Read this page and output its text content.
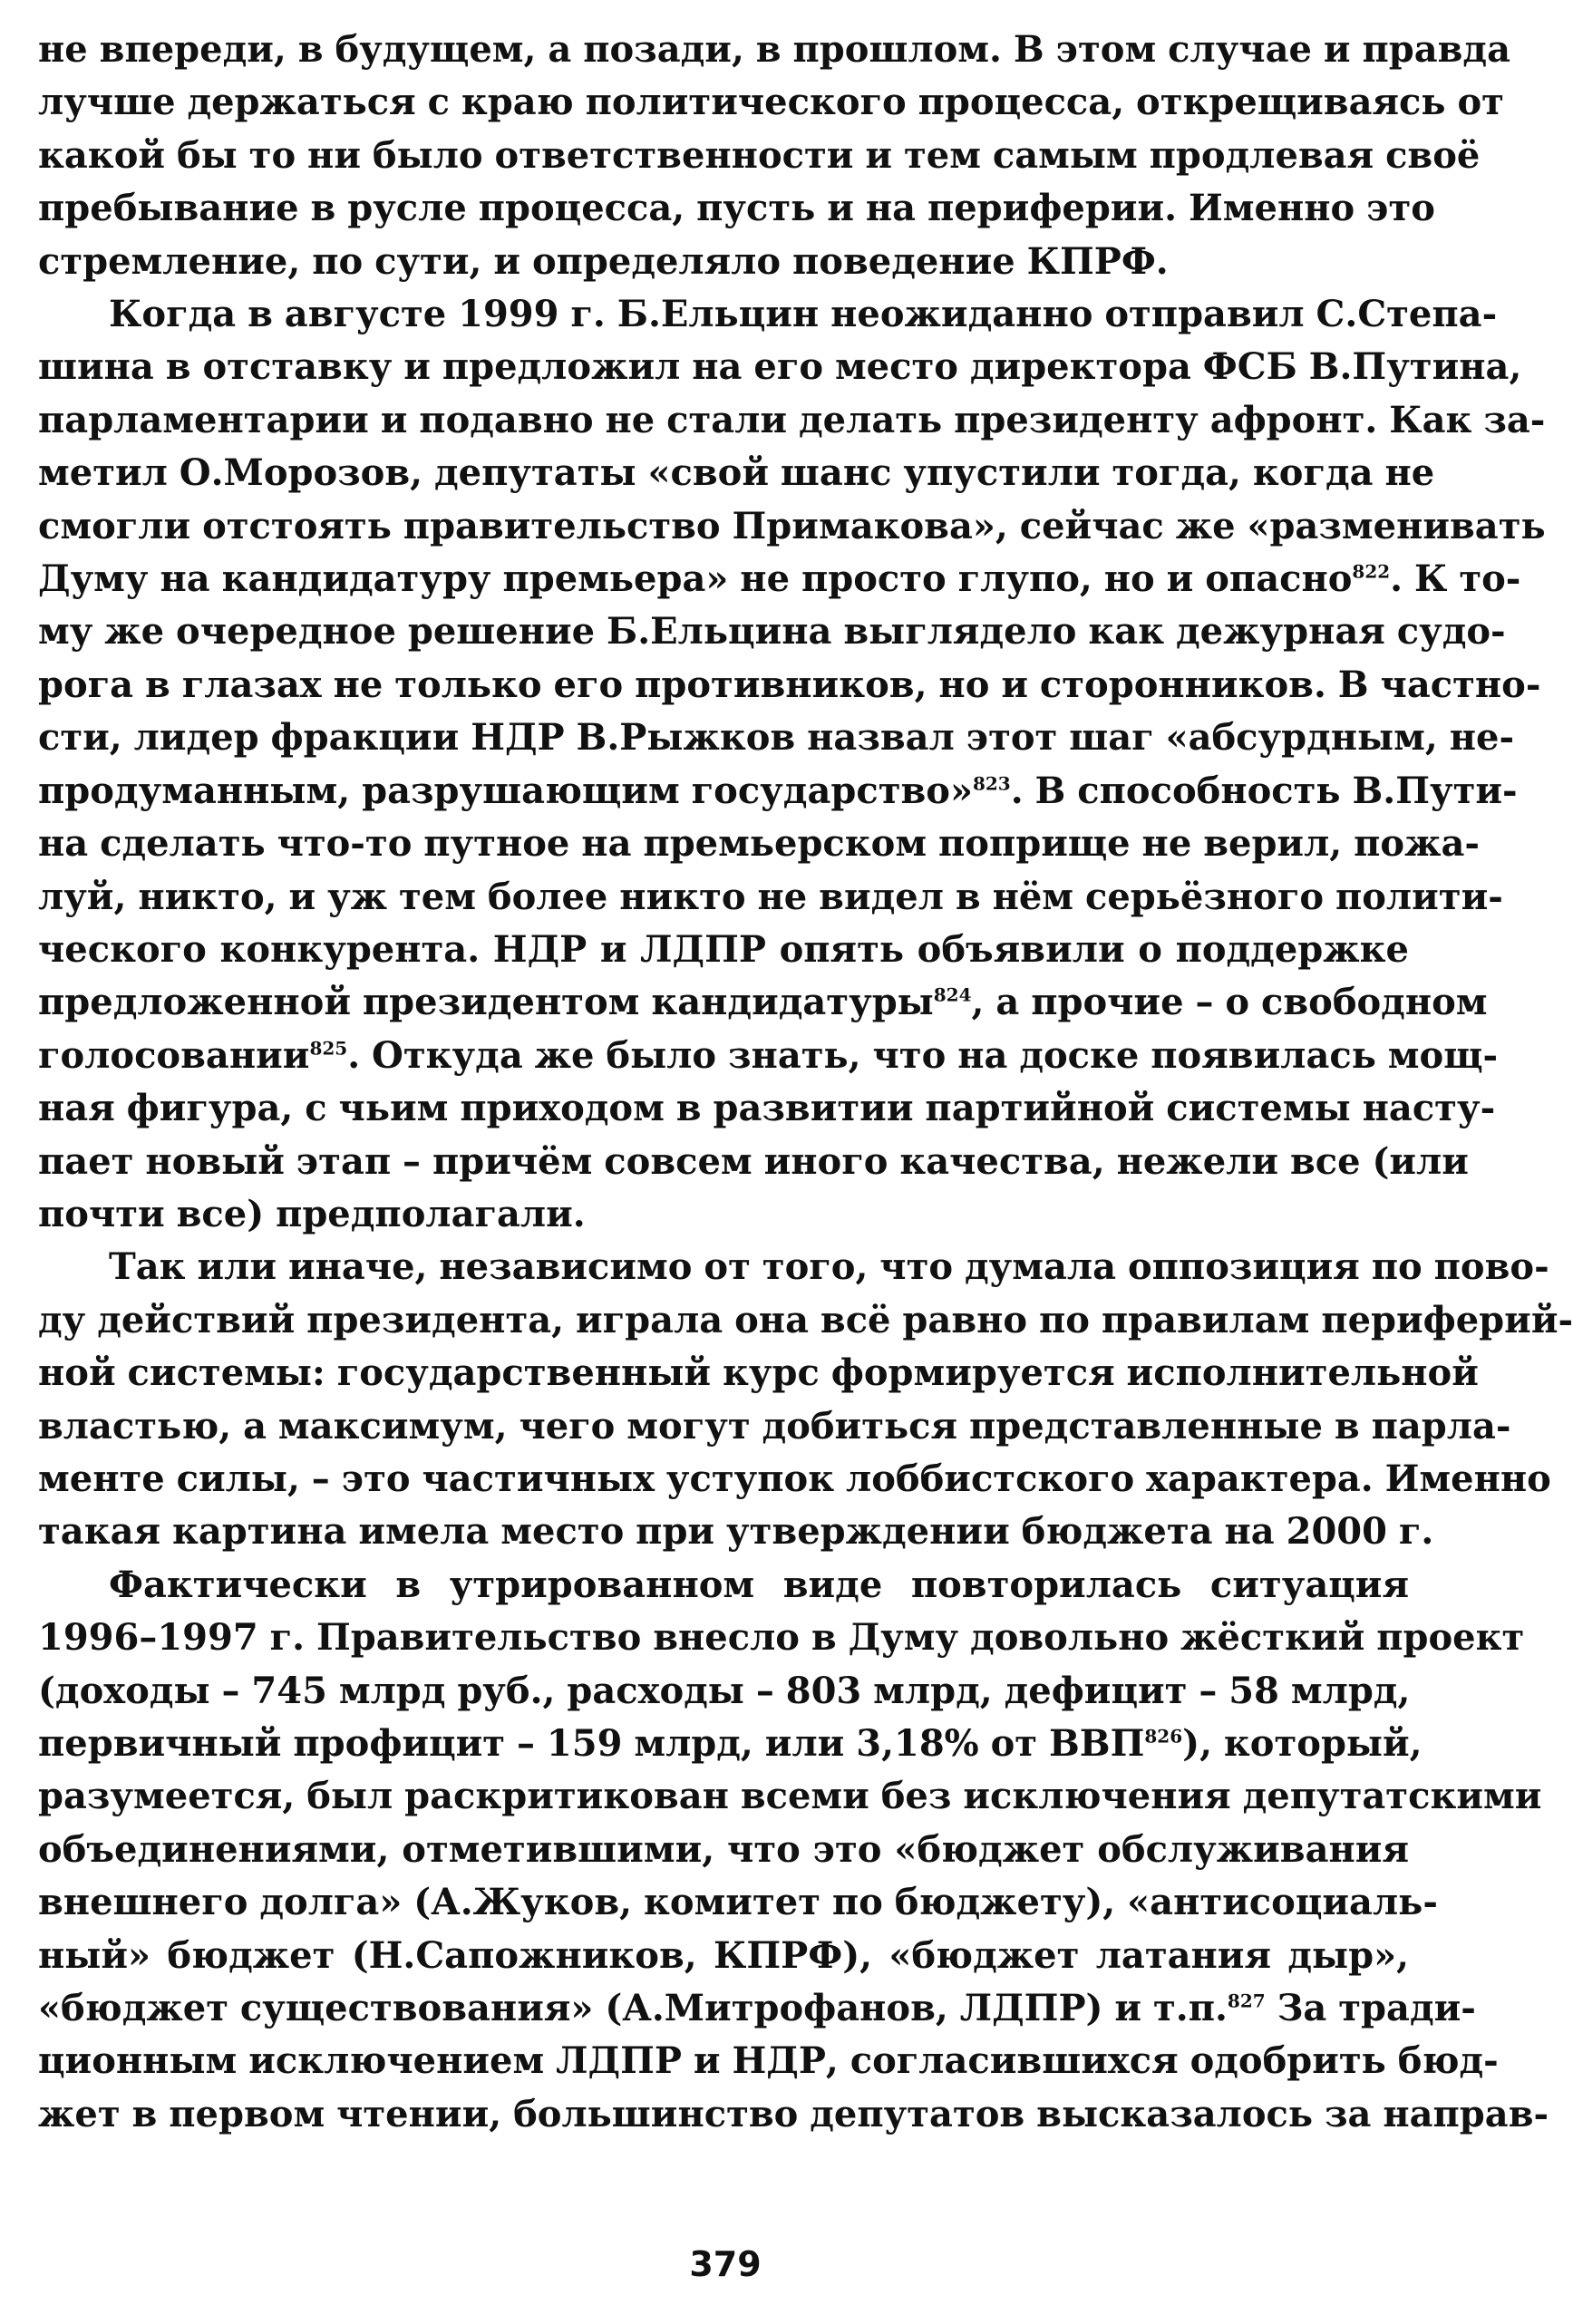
не впереди, в будущем, а позади, в прошлом. В этом случае и правда
лучше держаться с краю политического процесса, открещиваясь от
какой бы то ни было ответственности и тем самым продлевая своё
пребывание в русле процесса, пусть и на периферии. Именно это
стремление, по сути, и определяло поведение КПРФ.

Когда в августе 1999 г. Б.Ельцин неожиданно отправил С.Степа-
шина в отставку и предложил на его место директора ФСБ В.Путина,
парламентарии и подавно не стали делать президенту афронт. Как за-
метил О.Морозов, депутаты «свой шанс упустили тогда, когда не
смогли отстоять правительство Примакова», сейчас же «разменивать
Думу на кандидатуру премьера» не просто глупо, но и опасно$^{822}$. К то-
му же очередное решение Б.Ельцина выглядело как дежурная судо-
рога в глазах не только его противников, но и сторонников. В частно-
сти, лидер фракции НДР В.Рыжков назвал этот шаг «абсурдным, не-
продуманным, разрушающим государство»$^{823}$. В способность В.Пути-
на сделать что-то путное на премьерском поприще не верил, пожа-
луй, никто, и уж тем более никто не видел в нём серьёзного полити-
ческого конкурента. НДР и ЛДПР опять объявили о поддержке
предложенной президентом кандидатуры$^{824}$, а прочие – о свободном
голосовании$^{825}$. Откуда же было знать, что на доске появилась мощ-
ная фигура, с чьим приходом в развитии партийной системы насту-
пает новый этап – причём совсем иного качества, нежели все (или
почти все) предполагали.

Так или иначе, независимо от того, что думала оппозиция по пово-
ду действий президента, играла она всё равно по правилам периферий-
ной системы: государственный курс формируется исполнительной
властью, а максимум, чего могут добиться представленные в парла-
менте силы, – это частичных уступок лоббистского характера. Именно
такая картина имела место при утверждении бюджета на 2000 г.

Фактически в утрированном виде повторилась ситуация
1996–1997 г. Правительство внесло в Думу довольно жёсткий проект
(доходы – 745 млрд руб., расходы – 803 млрд, дефицит – 58 млрд,
первичный профицит – 159 млрд, или 3,18% от ВВП$^{826}$), который,
разумеется, был раскритикован всеми без исключения депутатскими
объединениями, отметившими, что это «бюджет обслуживания
внешнего долга» (А.Жуков, комитет по бюджету), «антисоциаль-
ный» бюджет (Н.Сапожников, КПРФ), «бюджет латания дыр»,
«бюджет существования» (А.Митрофанов, ЛДПР) и т.п.$^{827}$ За тради-
ционным исключением ЛДПР и НДР, согласившихся одобрить бюд-
жет в первом чтении, большинство депутатов высказалось за направ-

379
